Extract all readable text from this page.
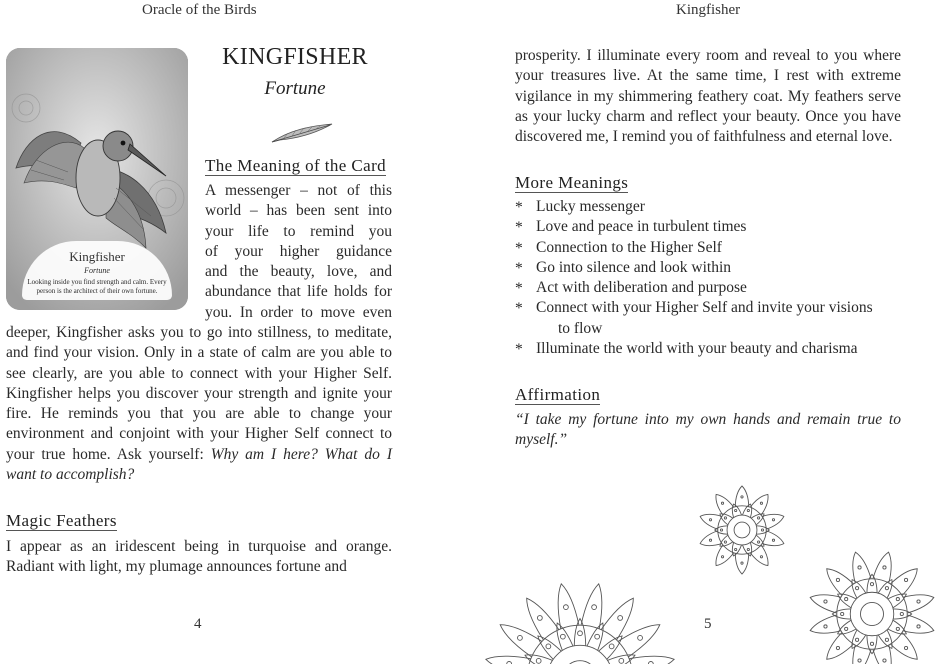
Oracle of the Birds
Kingfisher
Fortune
Looking inside you find strength and calm. Every person is the architect of their own fortune.
KINGFISHER
Fortune
The Meaning of the Card

A messenger – not of this

world – has been sent into

your life to remind you

of your higher guidance

and the beauty, love, and

abundance that life holds for

you. In order to move even

deeper, Kingfisher asks you to go into stillness, to meditate, and find your vision. Only in a state of calm are you able to see clearly, are you able to connect with your Higher Self. Kingfisher helps you discover your strength and ignite your fire. He reminds you that you are able to change your environment and conjoint with your Higher Self connect to your true home. Ask yourself: Why am I here? What do I want to accomplish?

Magic Feathers

I appear as an iridescent being in turquoise and orange. Radiant with light, my plumage announces fortune and

4
Kingfisher

prosperity. I illuminate every room and reveal to you where your treasures live. At the same time, I rest with extreme vigilance in my shimmering feathery coat. My feathers serve as your lucky charm and reflect your beauty. Once you have discovered me, I remind you of faithfulness and eternal love.

More Meanings
* Lucky messenger
* Love and peace in turbulent times
* Connection to the Higher Self
* Go into silence and look within
* Act with deliberation and purpose
* Connect with your Higher Self and invite your visions
to flow
* Illuminate the world with your beauty and charisma
Affirmation

“I take my fortune into my own hands and remain true to myself.”

5
